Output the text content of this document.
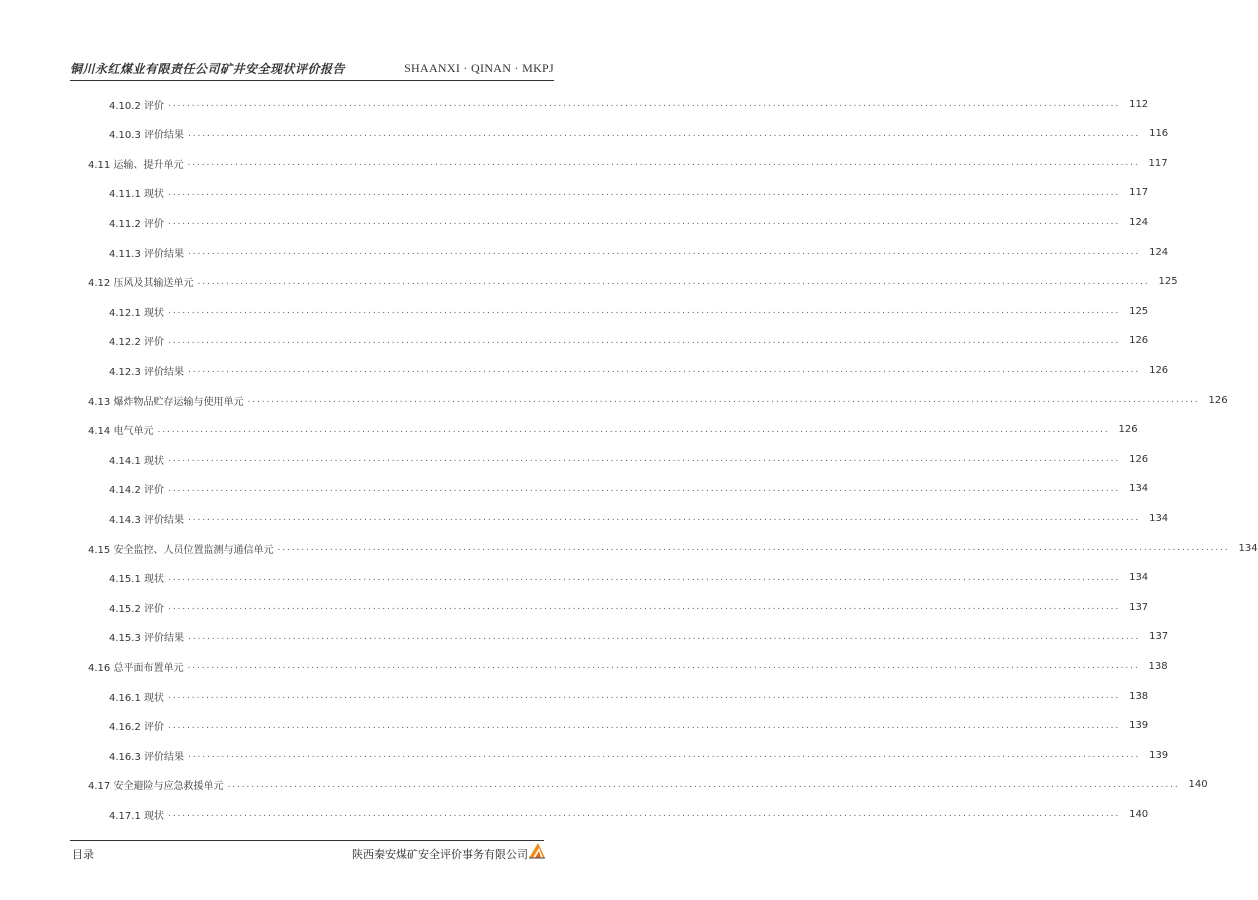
铜川永红煤业有限责任公司矿井安全现状评价报告	SHAANXI · QINAN · MKPJ
4.10.2 评价 ........................................................................................................................................................................................................ 112
4.10.3 评价结果 ........................................................................................................................................................................................................ 116
4.11 运输、提升单元 ........................................................................................................................................................................................................ 117
4.11.1 现状 ........................................................................................................................................................................................................ 117
4.11.2 评价 ........................................................................................................................................................................................................ 124
4.11.3 评价结果 ........................................................................................................................................................................................................ 124
4.12 压风及其输送单元 ........................................................................................................................................................................................................ 125
4.12.1 现状 ........................................................................................................................................................................................................ 125
4.12.2 评价 ........................................................................................................................................................................................................ 126
4.12.3 评价结果 ........................................................................................................................................................................................................ 126
4.13 爆炸物品贮存运输与使用单元 ........................................................................................................................................................................................................ 126
4.14 电气单元 ........................................................................................................................................................................................................ 126
4.14.1 现状 ........................................................................................................................................................................................................ 126
4.14.2 评价 ........................................................................................................................................................................................................ 134
4.14.3 评价结果 ........................................................................................................................................................................................................ 134
4.15 安全监控、人员位置监测与通信单元 ........................................................................................................................................................................................................ 134
4.15.1 现状 ........................................................................................................................................................................................................ 134
4.15.2 评价 ........................................................................................................................................................................................................ 137
4.15.3 评价结果 ........................................................................................................................................................................................................ 137
4.16 总平面布置单元 ........................................................................................................................................................................................................ 138
4.16.1 现状 ........................................................................................................................................................................................................ 138
4.16.2 评价 ........................................................................................................................................................................................................ 139
4.16.3 评价结果 ........................................................................................................................................................................................................ 139
4.17 安全避险与应急救援单元 ........................................................................................................................................................................................................ 140
4.17.1 现状 ........................................................................................................................................................................................................ 140
目录	陕西秦安煤矿安全评价事务有限公司
